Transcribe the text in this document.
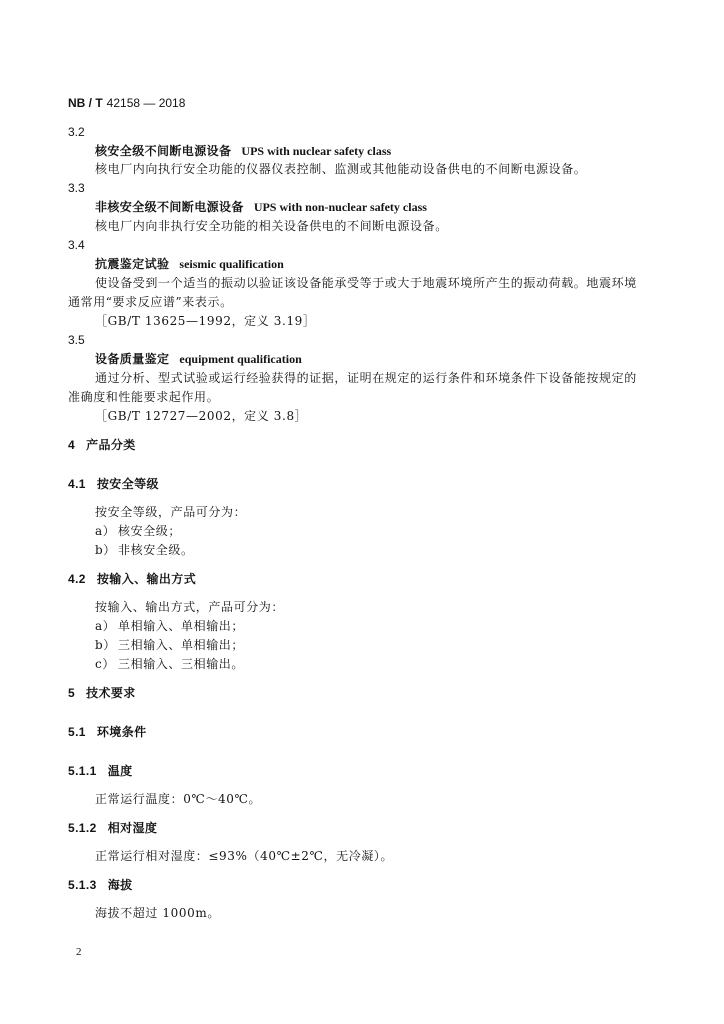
NB / T 42158 — 2018
3.2
核安全级不间断电源设备 UPS with nuclear safety class
核电厂内向执行安全功能的仪器仪表控制、监测或其他能动设备供电的不间断电源设备。
3.3
非核安全级不间断电源设备 UPS with non-nuclear safety class
核电厂内向非执行安全功能的相关设备供电的不间断电源设备。
3.4
抗震鉴定试验 seismic qualification
使设备受到一个适当的振动以验证该设备能承受等于或大于地震环境所产生的振动荷载。地震环境
通常用“要求反应谱”来表示。
［GB/T 13625—1992，定义 3.19］
3.5
设备质量鉴定 equipment qualification
通过分析、型式试验或运行经验获得的证据，证明在规定的运行条件和环境条件下设备能按规定的
准确度和性能要求起作用。
［GB/T 12727—2002，定义 3.8］
4 产品分类
4.1 按安全等级
按安全等级，产品可分为：
a） 核安全级；
b） 非核安全级。
4.2 按输入、输出方式
按输入、输出方式，产品可分为：
a） 单相输入、单相输出；
b） 三相输入、单相输出；
c） 三相输入、三相输出。
5 技术要求
5.1 环境条件
5.1.1 温度
正常运行温度：0℃～40℃。
5.1.2 相对湿度
正常运行相对湿度：≤93%（40℃±2℃，无冷凝）。
5.1.3 海拔
海拔不超过 1000m。
2
